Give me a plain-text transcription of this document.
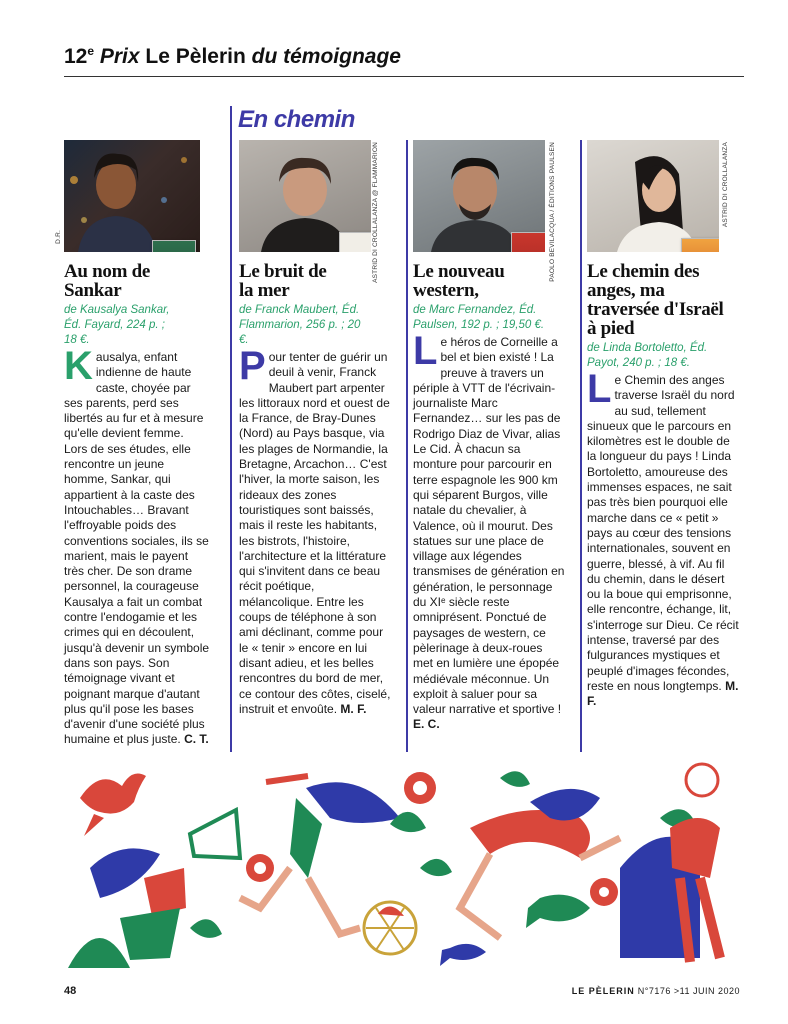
12e Prix Le Pèlerin du témoignage
En chemin
D.R.	ASTRID DI CROLLALANZA @ FLAMMARION	PAOLO BEVILACQUA / ÉDITIONS PAULSEN	ASTRID DI CROLLALANZA
Au nom de Sankar
de Kausalya Sankar, Éd. Fayard, 224 p. ; 18 €.
Kausalya, enfant indienne de haute caste, choyée par ses parents, perd ses libertés au fur et à mesure qu'elle devient femme. Lors de ses études, elle rencontre un jeune homme, Sankar, qui appartient à la caste des Intouchables… Bravant l'effroyable poids des conventions sociales, ils se marient, mais le payent très cher. De son drame personnel, la courageuse Kausalya a fait un combat contre l'endogamie et les crimes qui en découlent, jusqu'à devenir un symbole dans son pays. Son témoignage vivant et poignant marque d'autant plus qu'il pose les bases d'avenir d'une société plus humaine et plus juste. C. T.
Le bruit de la mer
de Franck Maubert, Éd. Flammarion, 256 p. ; 20 €.
Pour tenter de guérir un deuil à venir, Franck Maubert part arpenter les littoraux nord et ouest de la France, de Bray-Dunes (Nord) au Pays basque, via les plages de Normandie, la Bretagne, Arcachon… C'est l'hiver, la morte saison, les rideaux des zones touristiques sont baissés, mais il reste les habitants, les bistrots, l'histoire, l'architecture et la littérature qui s'invitent dans ce beau récit poétique, mélancolique. Entre les coups de téléphone à son ami déclinant, comme pour le « tenir » encore en lui disant adieu, et les belles rencontres du bord de mer, ce contour des côtes, ciselé, instruit et envoûte. M. F.
Le nouveau western,
de Marc Fernandez, Éd. Paulsen, 192 p. ; 19,50 €.
Le héros de Corneille a bel et bien existé ! La preuve à travers un périple à VTT de l'écrivain-journaliste Marc Fernandez… sur les pas de Rodrigo Diaz de Vivar, alias Le Cid. À chacun sa monture pour parcourir en terre espagnole les 900 km qui séparent Burgos, ville natale du chevalier, à Valence, où il mourut. Des statues sur une place de village aux légendes transmises de génération en génération, le personnage du XIᵉ siècle reste omniprésent. Ponctué de paysages de western, ce pèlerinage à deux-roues met en lumière une épopée médiévale méconnue. Un exploit à saluer pour sa valeur narrative et sportive ! E. C.
Le chemin des anges, ma traversée d'Israël à pied
de Linda Bortoletto, Éd. Payot, 240 p. ; 18 €.
Le Chemin des anges traverse Israël du nord au sud, tellement sinueux que le parcours en kilomètres est le double de la longueur du pays ! Linda Bortoletto, amoureuse des immenses espaces, ne sait pas très bien pourquoi elle marche dans ce « petit » pays au cœur des tensions internationales, souvent en guerre, blessé, à vif. Au fil du chemin, dans le désert ou la boue qui emprisonne, elle rencontre, échange, lit, s'interroge sur Dieu. Ce récit intense, traversé par des fulgurances mystiques et peuplé d'images fécondes, reste en nous longtemps. M. F.
48	LE PÈLERIN N°7176 >11 JUIN 2020
